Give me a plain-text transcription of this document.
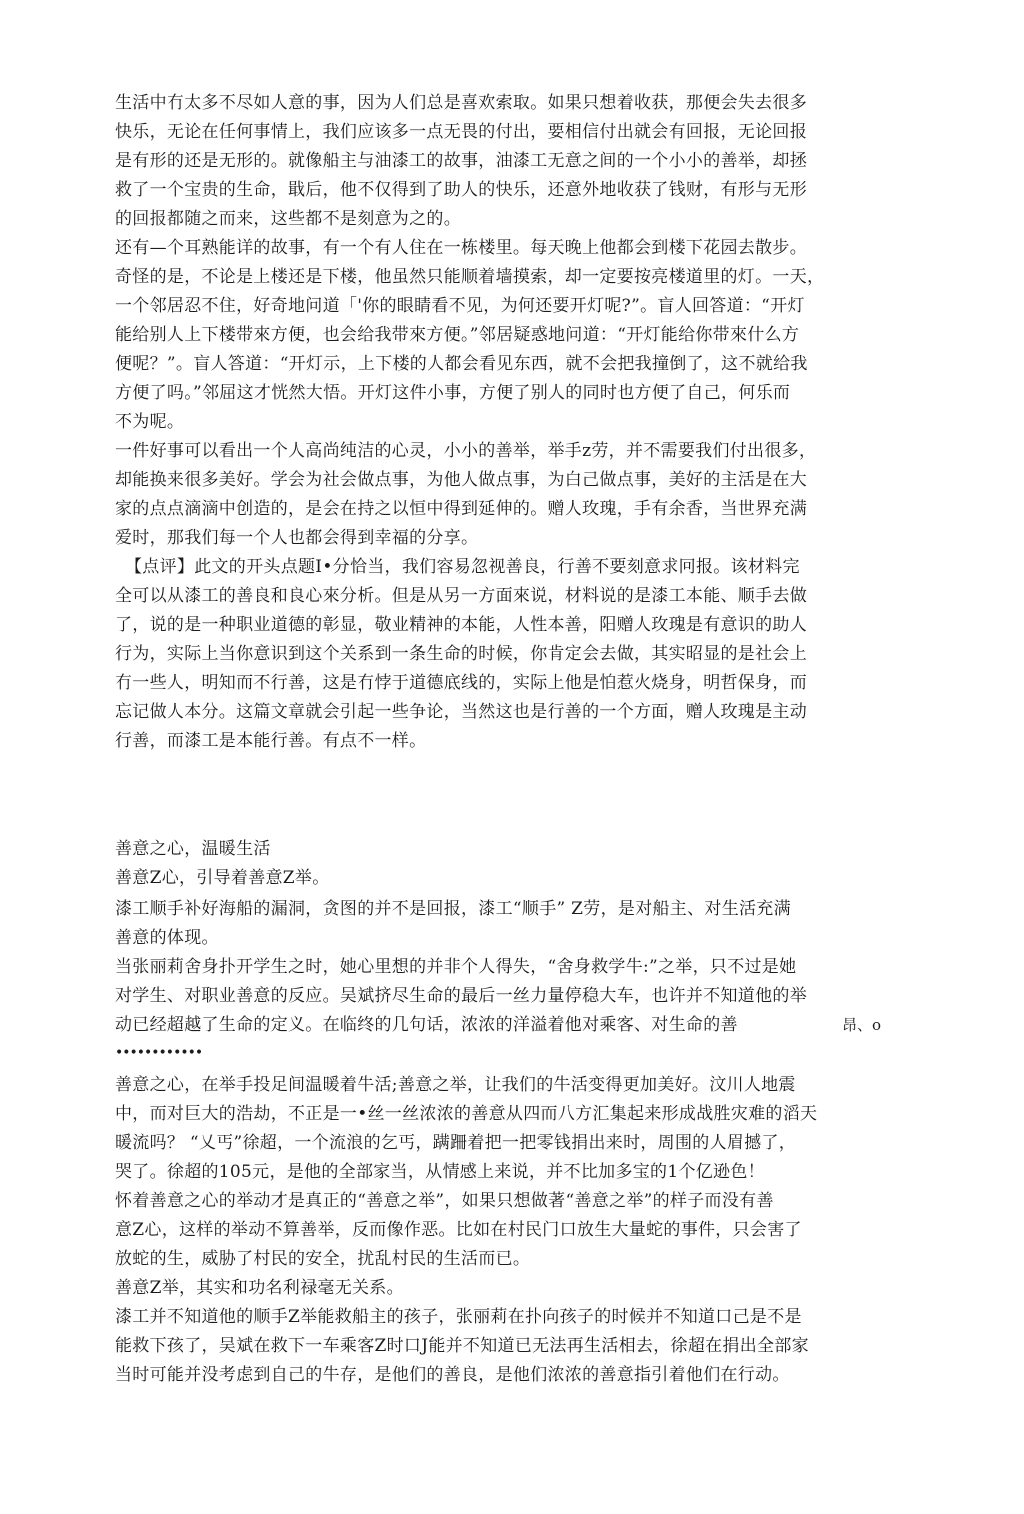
生活中冇太多不尽如人意的事，因为人们总是喜欢索取。如果只想着收获，那便会失去很多
快乐，无论在任何事情上，我们应该多一点无畏的付出，要相信付出就会有回报，无论回报
是有形的还是无形的。就像船主与油漆工的故事，油漆工无意之间的一个小小的善举，却拯
救了一个宝贵的生命，戢后，他不仅得到了助人的快乐，还意外地收获了钱财，有形与无形
的回报都随之而来，这些都不是刻意为之的。
还有—个耳熟能详的故事，有一个有人住在一栋楼里。每天晚上他都会到楼下花园去散步。
奇怪的是，不论是上楼还是下楼，他虽然只能顺着墙摸索，却一定要按亮楼道里的灯。一天，
一个邻居忍不住，好奇地问道「'你的眼睛看不见，为何还要开灯呢?”。盲人回答道：“开灯
能给别人上下楼带來方便，也会给我带來方便。”邻居疑惑地问道：“开灯能给你带來什么方
便呢？”。盲人答道：“开灯示，上下楼的人都会看见东西，就不会把我撞倒了，这不就给我
方便了吗。”邻屈这才恍然大悟。开灯这件小事，方便了别人的同时也方便了自己，何乐而
不为呢。
一件好事可以看出一个人高尚纯洁的心灵，小小的善举，举手z劳，并不需要我们付出很多，
却能换来很多美好。学会为社会做点事，为他人做点事，为白己做点事，美好的主活是在大
家的点点滴滴中创造的，是会在持之以恒中得到延伸的。赠人玫瑰，手有余香，当世界充满
爱时，那我们每一个人也都会得到幸福的分享。
【点评】此文的开头点题I•分恰当，我们容易忽视善良，行善不要刻意求冋报。该材料完
全可以从漆工的善良和良心來分析。但是从另一方面來说，材料说的是漆工本能、顺手去做
了，说的是一种职业道德的彰显，敬业精神的本能，人性本善，阳赠人玫瑰是有意识的助人
行为，实际上当你意识到这个关系到一条生命的时候，你肯定会去做，其实昭显的是社会上
冇一些人，明知而不行善，这是冇悖于道德底线的，实际上他是怕惹火烧身，明哲保身，而
忘记做人本分。这篇文章就会引起一些争论，当然这也是行善的一个方面，赠人玫瑰是主动
行善，而漆工是本能行善。有点不一样。
善意之心，温暖生活
善意Z心，引导着善意Z举。
漆工顺手补好海船的漏洞，贪图的并不是回报，漆工“顺手” Z劳，是对船主、对生活充满
善意的体现。
当张丽莉舍身扑开学生之时，她心里想的并非个人得失，“舍身救学牛:”之举，只不过是她
对学生、对职业善意的反应。吴斌挤尽生命的最后一丝力量停稳大车，也许并不知道他的举
动已经超越了生命的定义。在临终的几句话，浓浓的洋溢着他对乘客、对生命的善	昂、o
••••••••••••
善意之心，在举手投足间温暖着牛活;善意之举，让我们的牛活变得更加美好。汶川人地震
中，而对巨大的浩劫，不正是一•丝一丝浓浓的善意从四而八方汇集起来形成战胜灾难的滔天
暖流吗？ “乂丐”徐超，一个流浪的乞丐，蹒跚着把一把零钱捐出来时，周围的人眉撼了，
哭了。徐超的105元，是他的全部家当，从情感上来说，并不比加多宝的1个亿逊色！
怀着善意之心的举动才是真正的“善意之举”，如果只想做著“善意之举”的样子而没有善
意Z心，这样的举动不算善举，反而像作恶。比如在村民门口放生大量蛇的事件，只会害了
放蛇的生，威胁了村民的安全，扰乱村民的生活而已。
善意Z举，其实和功名利禄毫无关系。
漆工并不知道他的顺手Z举能救船主的孩子，张丽莉在扑向孩子的时候并不知道口己是不是
能救下孩了，吴斌在救下一车乘客Z时口J能并不知道已无法再生活相去，徐超在捐出全部家
当时可能并没考虑到自己的牛存，是他们的善良，是他们浓浓的善意指引着他们在行动。
